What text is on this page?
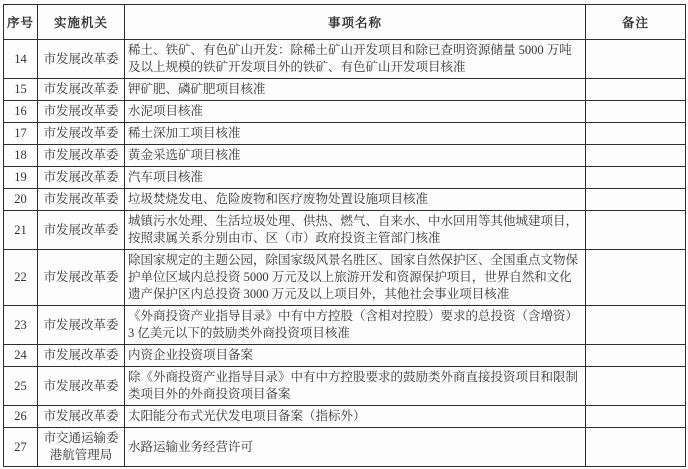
序号	实施机关	事项名称	备注
14	市发展改革委	稀土、铁矿、有色矿山开发：除稀土矿山开发项目和除已查明资源储量 5000 万吨及以上规模的铁矿开发项目外的铁矿、有色矿山开发项目核准	
15	市发展改革委	钾矿肥、磷矿肥项目核准	
16	市发展改革委	水泥项目核准	
17	市发展改革委	稀土深加工项目核准	
18	市发展改革委	黄金采选矿项目核准	
19	市发展改革委	汽车项目核准	
20	市发展改革委	垃圾焚烧发电、危险废物和医疗废物处置设施项目核准	
21	市发展改革委	城镇污水处理、生活垃圾处理、供热、燃气、自来水、中水回用等其他城建项目，按照隶属关系分别由市、区（市）政府投资主管部门核准	
22	市发展改革委	除国家规定的主题公园，除国家级风景名胜区、国家自然保护区、全国重点文物保护单位区域内总投资 5000 万元及以上旅游开发和资源保护项目，世界自然和文化遗产保护区内总投资 3000 万元及以上项目外，其他社会事业项目核准	
23	市发展改革委	《外商投资产业指导目录》中有中方控股（含相对控股）要求的总投资（含增资）3 亿美元以下的鼓励类外商投资项目核准	
24	市发展改革委	内资企业投资项目备案	
25	市发展改革委	除《外商投资产业指导目录》中有中方控股要求的鼓励类外商直接投资项目和限制类项目外的外商投资项目备案	
26	市发展改革委	太阳能分布式光伏发电项目备案（指标外）	
27	市交通运输委港航管理局	水路运输业务经营许可	
